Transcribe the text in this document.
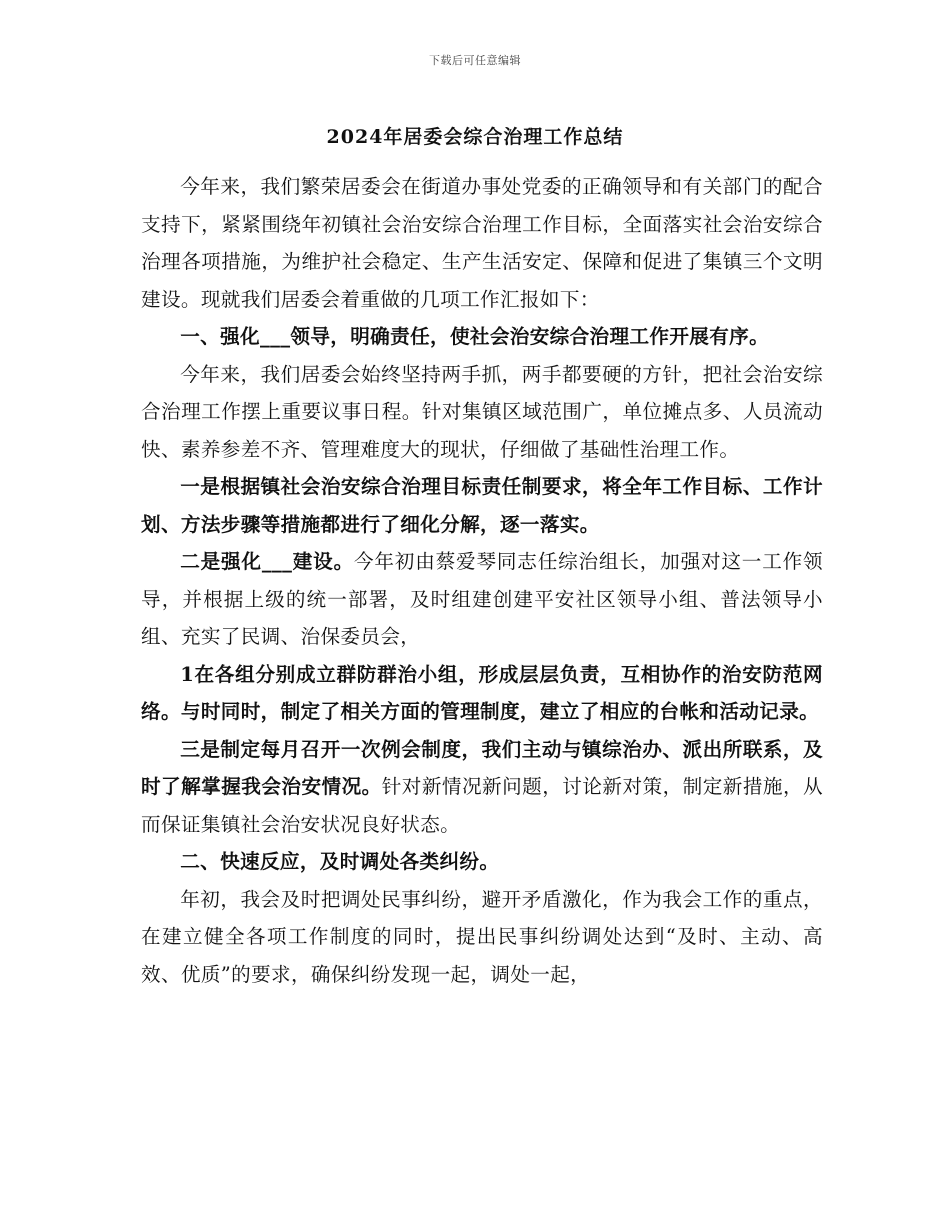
下载后可任意编辑
2024年居委会综合治理工作总结

今年来，我们繁荣居委会在街道办事处党委的正确领导和有关部门的配合支持下，紧紧围绕年初镇社会治安综合治理工作目标，全面落实社会治安综合治理各项措施，为维护社会稳定、生产生活安定、保障和促进了集镇三个文明建设。现就我们居委会着重做的几项工作汇报如下：

一、强化___领导，明确责任，使社会治安综合治理工作开展有序。

今年来，我们居委会始终坚持两手抓，两手都要硬的方针，把社会治安综合治理工作摆上重要议事日程。针对集镇区域范围广，单位摊点多、人员流动快、素养参差不齐、管理难度大的现状，仔细做了基础性治理工作。

一是根据镇社会治安综合治理目标责任制要求，将全年工作目标、工作计划、方法步骤等措施都进行了细化分解，逐一落实。

二是强化___建设。今年初由蔡爱琴同志任综治组长，加强对这一工作领导，并根据上级的统一部署，及时组建创建平安社区领导小组、普法领导小组、充实了民调、治保委员会，

1在各组分别成立群防群治小组，形成层层负责，互相协作的治安防范网络。与时同时，制定了相关方面的管理制度，建立了相应的台帐和活动记录。

三是制定每月召开一次例会制度，我们主动与镇综治办、派出所联系，及时了解掌握我会治安情况。针对新情况新问题，讨论新对策，制定新措施，从而保证集镇社会治安状况良好状态。

二、快速反应，及时调处各类纠纷。

年初，我会及时把调处民事纠纷，避开矛盾激化，作为我会工作的重点，在建立健全各项工作制度的同时，提出民事纠纷调处达到“及时、主动、高效、优质”的要求，确保纠纷发现一起，调处一起，
